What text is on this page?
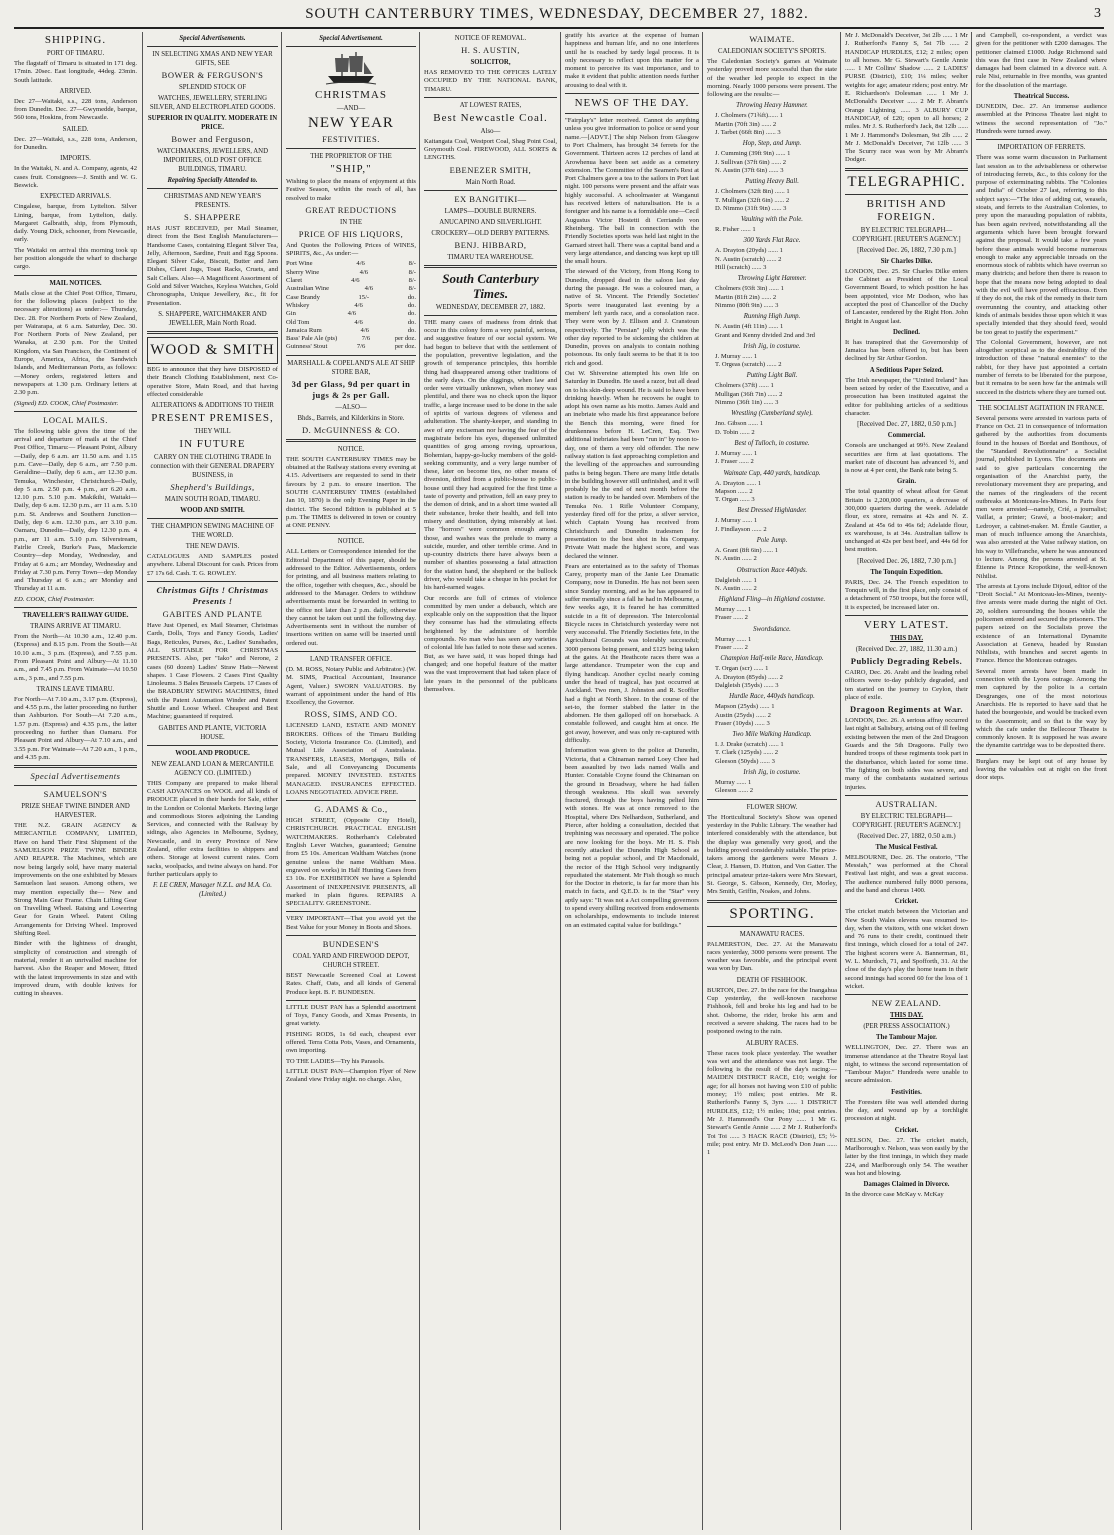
SOUTH CANTERBURY TIMES, WEDNESDAY, DECEMBER 27, 1882.	3
SHIPPING.
PORT OF TIMARU.

The flagstaff of Timaru is situated in 171 deg. 17min. 20sec. East longitude, 44deg. 23min. South latitude.

ARRIVED.

Dec 27—Waitaki, s.s., 228 tons, Anderson from Dunedin. Dec. 27—Gwymedde, barque, 560 tons, Hoskins, from Newcastle.

SAILED.

Dec. 27—Waitaki, s.s., 228 tons, Anderson, for Dunedin.

IMPORTS.

In the Waitaki, N. and A. Company, agents, 42 cases fruit. Consignees—J. Smith and W. G. Beswick.

EXPECTED ARRIVALS.

Cingalese, barque, from Lyttelton. Silver Lining, barque, from Lyttelton, daily. Margaret Galbraith, ship, from Plymouth, daily. Young Dick, schooner, from Newcastle, early.

The Waitaki on arrival this morning took up her position alongside the wharf to discharge cargo.

MAIL NOTICES.

Mails close at the Chief Post Office, Timaru, for the following places (subject to the necessary alterations) as under:— Thursday, Dec. 28. For Northern Ports of New Zealand, per Wairarapa, at 6 a.m. Saturday, Dec. 30. For Northern Ports of New Zealand, per Wanaka, at 2.30 p.m. For the United Kingdom, via San Francisco, the Continent of Europe, America, Africa, the Sandwich Islands, and Mediterranean Ports, as follows:—Money orders, registered letters and newspapers at 1.30 p.m. Ordinary letters at 2.30 p.m.

(Signed) ED. COOK, Chief Postmaster.

LOCAL MAILS.

The following table gives the time of the arrival and departure of mails at the Chief Post Office, Timaru:— Pleasant Point, Albury—Daily, dep 6 a.m. arr 11.50 a.m. and 1.15 p.m. Cave—Daily, dep 6 a.m., arr 7.50 p.m. Geraldine—Daily, dep 6 a.m., arr 12.30 p.m. Temuka, Winchester, Christchurch—Daily, dep 5 a.m. 2.50 p.m. 4 p.m., arr 6.20 a.m. 12.10 p.m. 5.10 p.m. Makikihi, Waitaki—Daily, dep 6 a.m. 12.30 p.m., arr 11 a.m. 5.10 p.m. St. Andrews and Southern Junction—Daily, dep 6 a.m. 12.30 p.m., arr 3.10 p.m. Oamaru, Dunedin—Daily, dep 12.30 p.m. 4 p.m., arr 11 a.m. 5.10 p.m. Silverstream, Fairlie Creek, Burke's Pass, Mackenzie Country—dep Monday, Wednesday, and Friday at 6 a.m.; arr Monday, Wednesday and Friday at 7.30 p.m. Ferry Town—dep Monday and Thursday at 6 a.m.; arr Monday and Thursday at 11 a.m.

ED. COOK, Chief Postmaster.

TRAVELLER'S RAILWAY GUIDE.
TRAINS ARRIVE AT TIMARU.

From the North—At 10.30 a.m., 12.40 p.m. (Express) and 8.15 p.m. From the South—At 10.10 a.m., 3 p.m. (Express), and 7.55 p.m. From Pleasant Point and Albury—At 11.10 a.m., and 7.45 p.m. From Waimate—At 10.50 a.m., 3 p.m., and 7.55 p.m.

TRAINS LEAVE TIMARU.

For North—At 7.10 a.m., 3.17 p.m. (Express), and 4.55 p.m., the latter proceeding no further than Ashburton. For South—At 7.20 a.m., 1.57 p.m. (Express) and 4.35 p.m., the latter proceeding no further than Oamaru. For Pleasant Point and Albury—At 7.10 a.m., and 3.55 p.m. For Waimate—At 7.20 a.m., 1 p.m., and 4.35 p.m.

Special Advertisements
SAMUELSON'S
PRIZE SHEAF TWINE BINDER AND HARVESTER.

THE N.Z. GRAIN AGENCY & MERCANTILE COMPANY, LIMITED, Have on hand Their First Shipment of the SAMUELSON PRIZE TWINE BINDER AND REAPER. The Machines, which are now being largely sold, have many material improvements on the one exhibited by Messrs Samuelson last season. Among others, we may mention especially the— New and Strong Main Gear Frame. Chain Lifting Gear on Travelling Wheel. Raising and Lowering Gear for Grain Wheel. Patent Oiling Arrangements for Driving Wheel. Improved Shifting Reel.

Binder with the lightness of draught, simplicity of construction and strength of material, render it an unrivalled machine for harvest. Also the Reaper and Mower, fitted with the latest improvements in size and with improved drum, with double knives for cutting in sheaves.

Special Advertisements.
IN SELECTING XMAS AND NEW YEAR GIFTS, SEE
BOWER & FERGUSON'S
SPLENDID STOCK OF
WATCHES, JEWELLERY, STERLING SILVER, AND ELECTROPLATED GOODS.
SUPERIOR IN QUALITY. MODERATE IN PRICE.
Bower and Ferguson,
WATCHMAKERS, JEWELLERS, AND IMPORTERS, OLD POST OFFICE BUILDINGS, TIMARU.
Repairing Specially Attended to.
CHRISTMAS AND NEW YEAR'S PRESENTS.
S. SHAPPERE

HAS JUST RECEIVED, per Mail Steamer, direct from the Best English Manufacturers— Handsome Cases, containing Elegant Silver Tea, Jelly, Afternoon, Sardine, Fruit and Egg Spoons. Elegant Silver Cake, Biscuit, Butter and Jam Dishes, Claret Jugs, Toast Racks, Cruets, and Salt Cellars. Also—A Magnificent Assortment of Gold and Silver Watches, Keyless Watches, Gold Chronographs, Unique Jewellery, &c., fit for Presentation.

S. SHAPPERE, WATCHMAKER AND JEWELLER, Main North Road.
WOOD & SMITH

BEG to announce that they have DISPOSED of their Branch Clothing Establishment, next Co-operative Store, Main Road, and that having effected considerable

ALTERATIONS & ADDITIONS TO THEIR
PRESENT PREMISES,
THEY WILL
IN FUTURE
CARRY ON THE CLOTHING TRADE In connection with their GENERAL DRAPERY BUSINESS, in
Shepherd's Buildings,
MAIN SOUTH ROAD, TIMARU.
WOOD AND SMITH.
THE CHAMPION SEWING MACHINE OF THE WORLD.
THE NEW DAVIS.

CATALOGUES AND SAMPLES posted anywhere. Liberal Discount for cash. Prices from £7 17s 6d. Cash. T. G. ROWLEY.

Christmas Gifts ! Christmas Presents !
GABITES AND PLANTE

Have Just Opened, ex Mail Steamer, Christmas Cards, Dolls, Toys and Fancy Goods, Ladies' Bags, Reticules, Purses, &c., Ladies' Sunshades, ALL SUITABLE FOR CHRISTMAS PRESENTS. Also, per "Iako" and Nerone, 2 cases (60 dozen) Ladies' Straw Hats—Newest shapes. 1 Case Flowers. 2 Cases First Quality Linoleums. 3 Bales Brussels Carpets. 17 Cases of the BRADBURY SEWING MACHINES, fitted with the Patent Automation Winder and Patent Shuttle and Loose Wheel. Cheapest and Best Machine; guaranteed if required.

GABITES AND PLANTE, VICTORIA HOUSE.
WOOL AND PRODUCE.
NEW ZEALAND LOAN & MERCANTILE AGENCY CO. (LIMITED.)

THIS Company are prepared to make liberal CASH ADVANCES on WOOL and all kinds of PRODUCE placed in their hands for Sale, either in the London or Colonial Markets. Having large and commodious Stores adjoining the Landing Services, and connected with the Railway by sidings, also Agencies in Melbourne, Sydney, Newcastle, and in every Province of New Zealand, offer extra facilities to shippers and others. Storage at lowest current rates. Corn sacks, woolpacks, and twine always on hand. For further particulars apply to

F. LE CREN, Manager N.Z.L. and M.A. Co. (Limited.)
Special Advertisement.
CHRISTMAS
—AND—
NEW YEAR
FESTIVITIES.
THE PROPRIETOR OF THE
"SHIP,"

Wishing to place the means of enjoyment at this Festive Season, within the reach of all, has resolved to make

GREAT REDUCTIONS
IN THE
PRICE OF HIS LIQUORS,

And Quotes the Following Prices of WINES, SPIRITS, &c., As under:—

Port Wine	4/6	8/-
Sherry Wine	4/6	8/-
Claret	4/6	8/-
Australian Wine	4/6	8/-
Case Brandy	15/-	do.
Whiskey	4/6	do.
Gin	4/6	do.
Old Tom	4/6	do.
Jamaica Rum	4/6	do.
Bass' Pale Ale (pts)	7/6	per doz.
Guinness' Stout	7/6	per doz.
MARSHALL & COPELAND'S ALE AT SHIP STORE BAR,
3d per Glass, 9d per quart in jugs & 2s per Gall.
—ALSO—
Bhds., Barrels, and Kilderkins in Store.
D. McGUINNESS & CO.
NOTICE.

THE SOUTH CANTERBURY TIMES may be obtained at the Railway stations every evening at 4.15. Advertisers are requested to send in their favours by 2 p.m. to ensure insertion. The SOUTH CANTERBURY TIMES (established Jan 10, 1870) is the only Evening Paper in the district. The Second Edition is published at 5 p.m. The TIMES is delivered in town or country at ONE PENNY.

NOTICE.

ALL Letters or Correspondence intended for the Editorial Department of this paper, should be addressed to the Editor. Advertisements, orders for printing, and all business matters relating to the office, together with cheques, &c., should be addressed to the Manager. Orders to withdraw advertisements must be forwarded in writing to the office not later than 2 p.m. daily, otherwise they cannot be taken out until the following day. Advertisements sent in without the number of insertions written on same will be inserted until ordered out.

LAND TRANSFER OFFICE.

(D. M. ROSS, Notary Public and Arbitrator.) (W. M. SIMS, Practical Accountant, Insurance Agent, Valuer.) SWORN VALUATORS. By warrant of appointment under the hand of His Excellency, the Governor.

ROSS, SIMS, AND CO.

LICENSED LAND, ESTATE AND MONEY BROKERS. Offices of the Timaru Building Society, Victoria Insurance Co. (Limited), and Mutual Life Association of Australasia. TRANSFERS, LEASES, Mortgages, Bills of Sale, and all Conveyancing Documents prepared. MONEY INVESTED. ESTATES MANAGED. INSURANCES EFFECTED. LOANS NEGOTIATED. ADVICE FREE.

G. ADAMS & Co.,

HIGH STREET, (Opposite City Hotel), CHRISTCHURCH. PRACTICAL ENGLISH WATCHMAKERS. Rotherham's Celebrated English Lever Watches, guaranteed; Genuine from £5 10s. American Waltham Watches (none genuine unless the name Waltham Mass. engraved on works) in Half Hunting Cases from £3 10s. For EXHIBITION we have a Splendid Assortment of INEXPENSIVE PRESENTS, all marked in plain figures. REPAIRS A SPECIALITY. GREENSTONE.

VERY IMPORTANT—That you avoid yet the Best Value for your Money in Boots and Shoes.

BUNDESEN'S
COAL YARD AND FIREWOOD DEPOT, CHURCH STREET.

BEST Newcastle Screened Coal at Lowest Rates. Chaff, Oats, and all kinds of General Produce kept. B. F. BUNDESEN.

LITTLE DUST PAN has a Splendid assortment of Toys, Fancy Goods, and Xmas Presents, in great variety.

FISHING RODS, 1s 6d each, cheapest ever offered. Terra Cotta Pots, Vases, and Ornaments, own importing.

TO THE LADIES—Try his Parasols.

LITTLE DUST PAN—Champion Flyer of New Zealand view Friday night. no charge. Also,

NOTICE OF REMOVAL.
H. S. AUSTIN,
SOLICITOR,

HAS REMOVED TO THE OFFICES LATELY OCCUPIED BY THE NATIONAL BANK, TIMARU.

AT LOWEST RATES,
Best Newcastle Coal.
Also—

Kaitangata Coal, Westport Coal, Shag Point Coal, Greymouth Coal. FIREWOOD, ALL SORTS & LENGTHS.

EBENEZER SMITH,
Main North Road.
EX BANGITIKI—
LAMPS—DOUBLE BURNERS.
ANUCAPINO AND SILVERLIGHT.
CROCKERY—OLD DERBY PATTERNS.
BENJ. HIBBARD,
TIMARU TEA WAREHOUSE.
South Canterbury Times.
WEDNESDAY, DECEMBER 27, 1882.

THE many cases of madness from drink that occur in this colony form a very painful, serious, and suggestive feature of our social system. We had begun to believe that with the settlement of the population, preventive legislation, and the growth of temperance principles, this horrible thing had disappeared among other traditions of the early days. On the diggings, when law and order were virtually unknown, when money was plentiful, and there was no check upon the liquor traffic, a large increase used to be done in the sale of spirits of various degrees of vileness and adulteration. The shanty-keeper, and standing in awe of any exciseman nor having the fear of the magistrate before his eyes, dispensed unlimited quantities of grog among roving, uproarious, Bohemian, happy-go-lucky members of the gold-seeking community, and a very large number of these, later on become ties, no other means of diversion, drifted from a public-house to public-house until they had acquired for the first time a taste of poverty and privation, fell an easy prey to the demon of drink, and in a short time wasted all their substance, broke their health, and fell into misery and destitution, dying miserably at last. The "horrors" were common enough among those, and washes was the prelude to many a suicide, murder, and other terrible crime. And in up-country districts there have always been a number of shanties possessing a fatal attraction for the station hand, the shepherd or the bullock driver, who would take a cheque in his pocket for his hard-earned wages.

Our records are full of crimes of violence committed by men under a debauch, which are explicable only on the supposition that the liquor they consume has had the stimulating effects heightened by the admixture of horrible compounds. No man who has seen any varieties of colonial life has failed to note these sad scenes. But, as we have said, it was hoped things had changed; and one hopeful feature of the matter was the vast improvement that had taken place of late years in the personnel of the publicans themselves.

gratify his avarice at the expense of human happiness and human life, and no one interferes until he is reached by tardy legal process. It is only necessary to reflect upon this matter for a moment to perceive its vast importance, and to make it evident that public attention needs further arousing to deal with it.

NEWS OF THE DAY.

"Fairplay's" letter received. Cannot do anything unless you give information to police or send your name.—[ADVT.] The ship Nelson from Glasgow to Port Chalmers, has brought 34 ferrets for the Government. Thirteen acres 12 perches of land at Arowhenua have been set aside as a cemetery extension. The Committee of the Seamen's Rest at Port Chalmers gave a tea to the sailors in Port last night. 100 persons were present and the affair was highly successful. A schoolmaster at Wanganui has received letters of naturalisation. He is a foreigner and his name is a formidable one—Cecil Augustus Victor Hostetti di Cerriando von Rheinberg. The ball in connection with the Friendly Societies sports was held last night in the Garnard street hall. There was a capital band and a very large attendance, and dancing was kept up till the small hours.

The steward of the Victory, from Hong Kong to Dunedin, dropped dead in the saloon last day during the passage. He was a coloured man, a native of St. Vincent. The Friendly Societies' Sports were inaugurated last evening by a members' left yards race, and a consolation race. They were won by J. Ellison and J. Cranstoun respectively. The "Persian" jolly which was the other day reported to be sickening the children at Dunedin, proves on analysis to contain nothing poisonous. Its only fault seems to be that it is too rich and good.

Ost W. Shivereine attempted his own life on Saturday in Dunedin. He used a razor, but all dead on to his skin-deep wound. He is said to have been drinking heavily. When he recovers he ought to adopt his own name as his motto. James Auld and an inebriate who made his first appearance before the Bench this morning, were fined for drunkenness before H. LeCren, Esq. Two additional inebriates had been "run in" by noon to-day, one of them a very old offender. The new railway station is fast approaching completion and the levelling of the approaches and surrounding paths is being begun. There are many little details in the building however still unfinished, and it will probably be the end of next month before the station is ready to be handed over. Members of the Temuka No. 1 Rifle Volunteer Company, yesterday fired off for the prize, a silver service, which Captain Young has received from Christchurch and Dunedin tradesmen for presentation to the best shot in his Company. Private Watt made the highest score, and was declared the winner.

Fears are entertained as to the safety of Thomas Carey, property man of the Janie Lee Dramatic Company, now in Dunedin. He has not been seen since Sunday morning, and as he has appeared to suffer mentally since a fall he had in Melbourne, a few weeks ago, it is feared he has committed suicide in a fit of depression. The Intercolonial Bicycle races in Christchurch yesterday were not very successful. The Friendly Societies fete, in the Agricultural Grounds was tolerably successful; 3000 persons being present, and £125 being taken at the gates. At the Heathcote races there was a large attendance. Trumpeter won the cup and flying handicap. Another cyclist nearly coming under the head of tragical, has just occurred at Auckland. Two men, J. Johnston and R. Scoffier had a fight at North Shore. In the course of the set-to, the former stabbed the latter in the abdomen. He then galloped off on horseback. A constable followed, and caught him at once. He got away, however, and was only re-captured with difficulty.

Information was given to the police at Dunedin, Victoria, that a Chinaman named Loey Chee had been assaulted by two lads named Walls and Hunter. Constable Coyne found the Chinaman on the ground in Broadway, where he had fallen through weakness. His skull was severely fractured, through the boys having pelted him with stones. He was at once removed to the Hospital, where Drs Nelhardson, Sutherland, and Pierce, after holding a consultation, decided that trephining was necessary and operated. The police are now looking for the boys. Mr H. S. Fish recently attacked the Dunedin High School as being not a popular school, and Dr Macdonald, the rector of the High School very indignantly repudiated the statement. Mr Fish though so much for the Doctor in rhetoric, is far far more than his match in facts, and Q.E.D. is in the "Star" very aptly says: "It was not a Act compelling governors to spend every shilling received from endowments on scholarships, endowments to include interest on an estimated capital value for buildings."

WAIMATE.
CALEDONIAN SOCIETY'S SPORTS.

The Caledonian Society's games at Waimate yesterday proved more successful than the state of the weather led people to expect in the morning. Nearly 1000 persons were present. The following are the results:—

Throwing Heavy Hammer.
J. Cholmers (71¾ft)...... 1
Martin (70ft 3in) ...... 2
J. Tarbet (66ft 8in) ...... 3
Hop, Step, and Jump.
J. Cumming (39ft 9in) ...... 1
J. Sullivan (37ft 6in) ...... 2
N. Austin (37ft 6in) ...... 3
Putting Heavy Ball.
J. Cholmers (32ft 8in) ...... 1
T. Mulligan (32ft 6in) ...... 2
D. Nimmo (31ft 9in) ...... 3
Vaulting with the Pole.
R. Fisher ...... 1
300 Yards Flat Race.
A. Drayton (20yds) ...... 1
N. Austin (scratch) ...... 2
Hill (scratch) ...... 3
Throwing Light Hammer.
Cholmers (93ft 3in) ...... 1
Martin (81ft 2in) ...... 2
Nimmo (80ft 9in) ...... 3
Running High Jump.
N. Austin (4ft 11in) ...... 1
Grant and Kenny divided 2nd and 3rd
Irish Jig, in costume.
J. Murray ...... 1
T. Orgeas (scratch) ...... 2
Putting Light Ball.
Cholmers (37ft) ...... 1
Mulligan (36ft 7in) ...... 2
Nimmo (36ft 1in) ...... 3
Wrestling (Cumberland style).
Jno. Gibson ...... 1
D. Tobin ...... 2
Best of Tulloch, in costume.
J. Murray ...... 1
J. Fraser ...... 2
Waimate Cup, 440 yards, handicap.
A. Drayton ...... 1
Mapson ...... 2
T. Organ ...... 3
Best Dressed Highlander.
J. Murray ...... 1
J. Findlayson ...... 2
Pole Jump.
A. Grant (8ft 6in) ...... 1
N. Austin ...... 2
Obstruction Race 440yds.
Dalgleish ...... 1
N. Austin ...... 2
Highland Fling—in Highland costume.
Murray ...... 1
Fraser ...... 2
Swordsdance.
Murray ...... 1
Fraser ...... 2
Champion Half-mile Race, Handicap.
T. Organ (scr) ...... 1
A. Drayton (85yds) ...... 2
Dalgleish (35yds) ...... 3
Hurdle Race, 440yds handicap.
Mapson (25yds) ...... 1
Austin (25yds) ...... 2
Fraser (10yds) ...... 3
Two Mile Walking Handicap.
I. J. Drake (scratch) ...... 1
T. Clark (125yds) ...... 2
Gleeson (50yds) ...... 3
Irish Jig, in costume.
Murray ...... 1
Gleeson ...... 2
FLOWER SHOW.

The Horticultural Society's Show was opened yesterday in the Public Library. The weather had interfered considerably with the attendance, but the display was generally very good, and the building proved considerably suitable. The prize-takers among the gardeners were Messrs J. Clear, J. Hansen, D. Hutton, and Von Gatter. The principal amateur prize-takers were Mrs Stewart, St. George, S. Gibson, Kennedy, Orr, Morley, Mrs Smith, Griffin, Noakes, and Johns.

SPORTING.
MANAWATU RACES.

PALMERSTON, Dec. 27. At the Manawatu races yesterday, 3000 persons were present. The weather was favorable, and the principal event was won by Dan.

DEATH OF FISHHOOK.

BURTON, Dec. 27. In the race for the Inangahua Cup yesterday, the well-known racehorse Fishhook, fell and broke his leg and had to be shot. Osborne, the rider, broke his arm and received a severe shaking. The races had to be postponed owing to the rain.

ALBURY RACES.

These races took place yesterday. The weather was wet and the attendance was not large. The following is the result of the day's racing:— MAIDEN DISTRICT RACE, £10; weight for age; for all horses not having won £10 of public money; 1½ miles; post entries. Mr R. Rutherford's Fanny S, 3yrs ...... 1 DISTRICT HURDLES, £12; 1½ miles; 10st; post entries. Mr J. Hammond's Our Pony ...... 1 Mr G. Stewart's Gentle Annie ...... 2 Mr J. Rutherford's Toi Toi ...... 3 HACK RACE (District), £5; ½-mile; post entry. Mr D. McLeod's Don Juan ...... 1

Mr J. McDonald's Deceiver, 3st 2lb ...... 1 Mr J. Rutherford's Fanny S, 5st 7lb ...... 2 HANDICAP HURDLES, £12; 2 miles; open to all horses. Mr G. Stewart's Gentle Annie ...... 1 Mr Collins' Shadow ...... 2 LADIES' PURSE (District), £10; 1¼ miles; welter weights for age; amateur riders; post entry. Mr E. Richardson's Dolesman ...... 1 Mr J. McDonald's Deceiver ...... 2 Mr F. Abram's Orange Lightning ...... 3 ALBURY CUP HANDICAP, of £20; open to all horses; 2 miles. Mr J. S. Rutherford's Jack, 8st 12lb ...... 1 Mr J. Hammond's Dolesman, 9st 2lb ...... 2 Mr J. McDonald's Deceiver, 7st 12lb ...... 3 The Scurry race was won by Mr Abram's Dodger.

TELEGRAPHIC.
BRITISH AND FOREIGN.
BY ELECTRIC TELEGRAPH—COPYRIGHT. [REUTER'S AGENCY.]
[Received Dec. 26, 1882, 7.30 p.m.]
Sir Charles Dilke.

LONDON, Dec. 25. Sir Charles Dilke enters the Cabinet as President of the Local Government Board, to which position he has been appointed, vice Mr Dodson, who has accepted the post of Chancellor of the Duchy of Lancaster, rendered by the Right Hon. John Bright in August last.

Declined.

It has transpired that the Governorship of Jamaica has been offered to, but has been declined by Sir Arthur Gordon.

A Seditious Paper Seized.

The Irish newspaper, the "United Ireland" has been seized by order of the Executive, and a prosecution has been instituted against the editor for publishing articles of a seditious character.

[Received Dec. 27, 1882, 0.50 p.m.]
Commercial.

Consols are unchanged at 99½. New Zealand securities are firm at last quotations. The market rate of discount has advanced ½, and is now at 4 per cent, the Bank rate being 5.

Grain.

The total quantity of wheat afloat for Great Britain is 2,200,000 quarters, a decrease of 300,000 quarters during the week. Adelaide flour, ex store, remains at 42s and N. Z. Zealand at 45s 6d to 46s 6d; Adelaide flour, ex warehouse, is at 34s. Australian tallow is unchanged at 42s per best beef, and 44s 6d for best mutton.

[Received Dec. 26, 1882, 7.30 p.m.]
The Tonquin Expedition.

PARIS, Dec. 24. The French expedition to Tonquin will, in the first place, only consist of a detachment of 750 troops, but the force will, it is expected, be increased later on.

VERY LATEST.
THIS DAY.
(Received Dec. 27, 1882, 11.30 a.m.)
Publicly Degrading Rebels.

CAIRO, Dec. 26. Arabi and the leading rebel officers were to-day publicly degraded, and ten started on the journey to Ceylon, their place of exile.

Dragoon Regiments at War.

LONDON, Dec. 26. A serious affray occurred last night at Salisbury, arising out of ill feeling existing between the men of the 2nd Dragoon Guards and the 5th Dragoons. Fully two hundred troops of these regiments took part in the disturbance, which lasted for some time. The fighting on both sides was severe, and many of the combatants sustained serious injuries.

AUSTRALIAN.
BY ELECTRIC TELEGRAPH—COPYRIGHT. [REUTER'S AGENCY.]
(Received Dec. 27, 1882, 0.50 a.m.)
The Musical Festival.

MELBOURNE, Dec. 26. The oratorio, "The Messiah," was performed at the Choral Festival last night, and was a great success. The audience numbered fully 8000 persons, and the band and chorus 1400.

Cricket.

The cricket match between the Victorian and New South Wales elevens was resumed to-day, when the visitors, with one wicket down and 76 runs to their credit, continued their first innings, which closed for a total of 247. The highest scorers were A. Bannerman, 81, W. L. Murdoch, 71, and Spofforth, 31. At the close of the day's play the home team in their second innings had scored 60 for the loss of 1 wicket.

NEW ZEALAND.
THIS DAY.
(PER PRESS ASSOCIATION.)
The Tambour Major.

WELLINGTON, Dec. 27. There was an immense attendance at the Theatre Royal last night, to witness the second representation of "Tambour Major." Hundreds were unable to secure admission.

Festivities.

The Foresters fête was well attended during the day, and wound up by a torchlight procession at night.

Cricket.

NELSON, Dec. 27. The cricket match, Marlborough v. Nelson, was won easily by the latter by the first innings, in which they made 224, and Marlborough only 54. The weather was hot and blowing.

Damages Claimed in Divorce.

In the divorce case McKay v. McKay

and Campbell, co-respondent, a verdict was given for the petitioner with £200 damages. The petitioner claimed £1000. Judge Richmond said this was the first case in New Zealand where damages had been claimed in a divorce suit. A rule Nisi, returnable in five months, was granted for the dissolution of the marriage.

Theatrical Success.

DUNEDIN, Dec. 27. An immense audience assembled at the Princess Theatre last night to witness the second representation of "Jo." Hundreds were turned away.

IMPORTATION OF FERRETS.

There was some warm discussion in Parliament last session as to the advisableness or otherwise of introducing ferrets, &c., to this colony for the purpose of exterminating rabbits. The "Colonies and India" of October 27 last, referring to this subject says:—"The idea of adding cat, weasels, stoats, and ferrets to the Australian Colonies, to prey upon the marauding population of rabbits, has been again revived, notwithstanding all the arguments which have been brought forward against the proposal. It would take a few years before these animals would become numerous enough to make any appreciable inroads on the enormous stock of rabbits which have overrun so many districts; and before then there is reason to hope that the means now being adopted to deal with the evil will have proved efficacious. Even if they do not, the risk of the remedy in their turn overrunning the country, and attacking other kinds of animals besides those upon which it was specially intended that they should feed, would be too great to justify the experiment."

The Colonial Government, however, are not altogether sceptical as to the desirability of the introduction of these "natural enemies" to the rabbit, for they have just appointed a certain number of ferrets to be liberated for the purpose, but it remains to be seen how far the animals will succeed in the districts where they are turned out.

THE SOCIALIST AGITATION IN FRANCE.

Several persons were arrested in various parts of France on Oct. 21 in consequence of information gathered by the authorities from documents found in the houses of Bordat and Bonthoux, of the "Standard Revolutionnaire" a Socialist journal, published in Lyons. The documents are said to give particulars concerning the organisation of the Anarchist party, the revolutionary movement they are preparing, and the names of the ringleaders of the recent outbreaks at Montceau-les-Mines. In Paris four men were arrested—namely, Crié, a journalist; Vaillat, a printer; Gravé, a boot-maker; and Ledroyer, a cabinet-maker. M. Émile Gautier, a man of much influence among the Anarchists, was also arrested at the Vaise railway station, on his way to Villefranche, where he was announced to lecture. Among the persons arrested at St. Étienne is Prince Kropotkine, the well-known Nihilist.

The arrests at Lyons include Dijoud, editor of the "Droit Social." At Montceau-les-Mines, twenty-five arrests were made during the night of Oct. 20, soldiers surrounding the houses while the policemen entered and secured the prisoners. The papers seized on the Socialists prove the existence of an International Dynamite Association at Geneva, headed by Russian Nihilists, with branches and secret agents in France. Hence the Montceau outrages.

Several more arrests have been made in connection with the Lyons outrage. Among the men captured by the police is a certain Desgranges, one of the most notorious Anarchists. He is reported to have said that he hated the bourgeoisie, and would be tracked even to the Assommoir, and so that is the way by which the cafe under the Bellecour Theatre is commonly known. It is supposed he was aware the dynamite cartridge was to be deposited there.

Burglars may be kept out of any house by leaving the valuables out at night on the front door steps.
